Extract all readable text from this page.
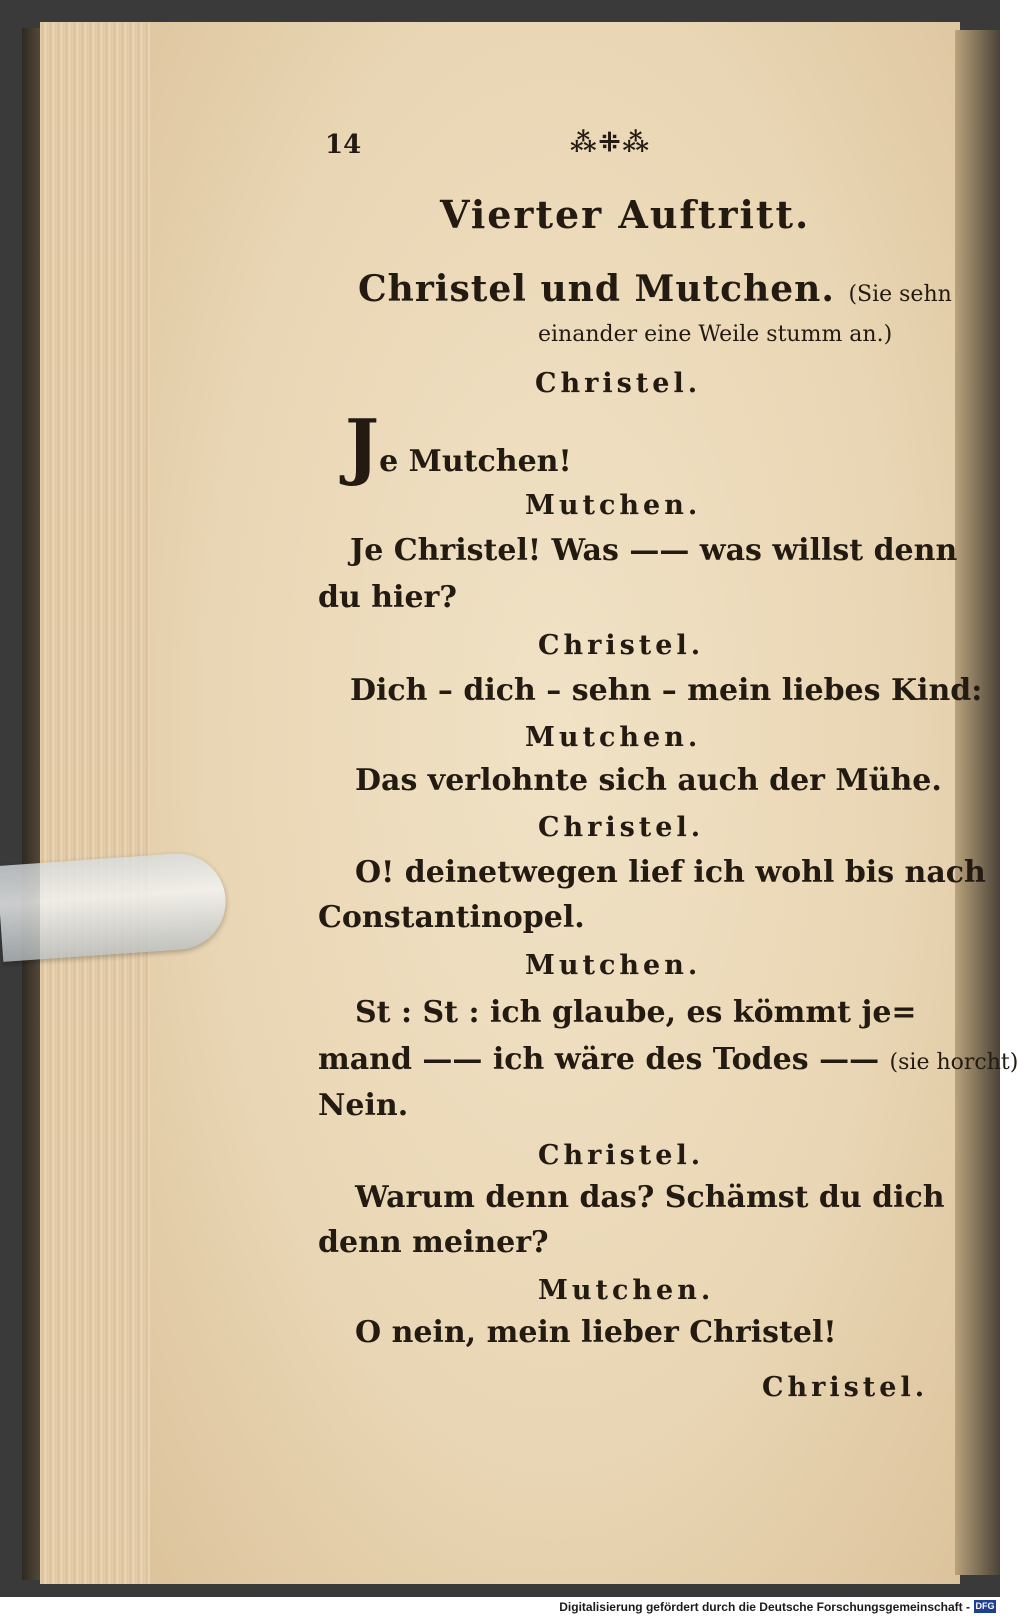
14	⁂⁜⁂
Vierter Auftritt.
Christel und Mutchen. (Sie sehn
einander eine Weile stumm an.)
Christel.
Je Mutchen!
Mutchen.
Je Christel! Was —— was willst denn
du hier?
Christel.
Dich – dich – sehn – mein liebes Kind:
Mutchen.
Das verlohnte sich auch der Mühe.
Christel.
O! deinetwegen lief ich wohl bis nach
Constantinopel.
Mutchen.
St : St : ich glaube, es kömmt je=
mand —— ich wäre des Todes —— (sie horcht)
Nein.
Christel.
Warum denn das? Schämst du dich
denn meiner?
Mutchen.
O nein, mein lieber Christel!
Christel.
Digitalisierung gefördert durch die Deutsche Forschungsgemeinschaft - DFG
